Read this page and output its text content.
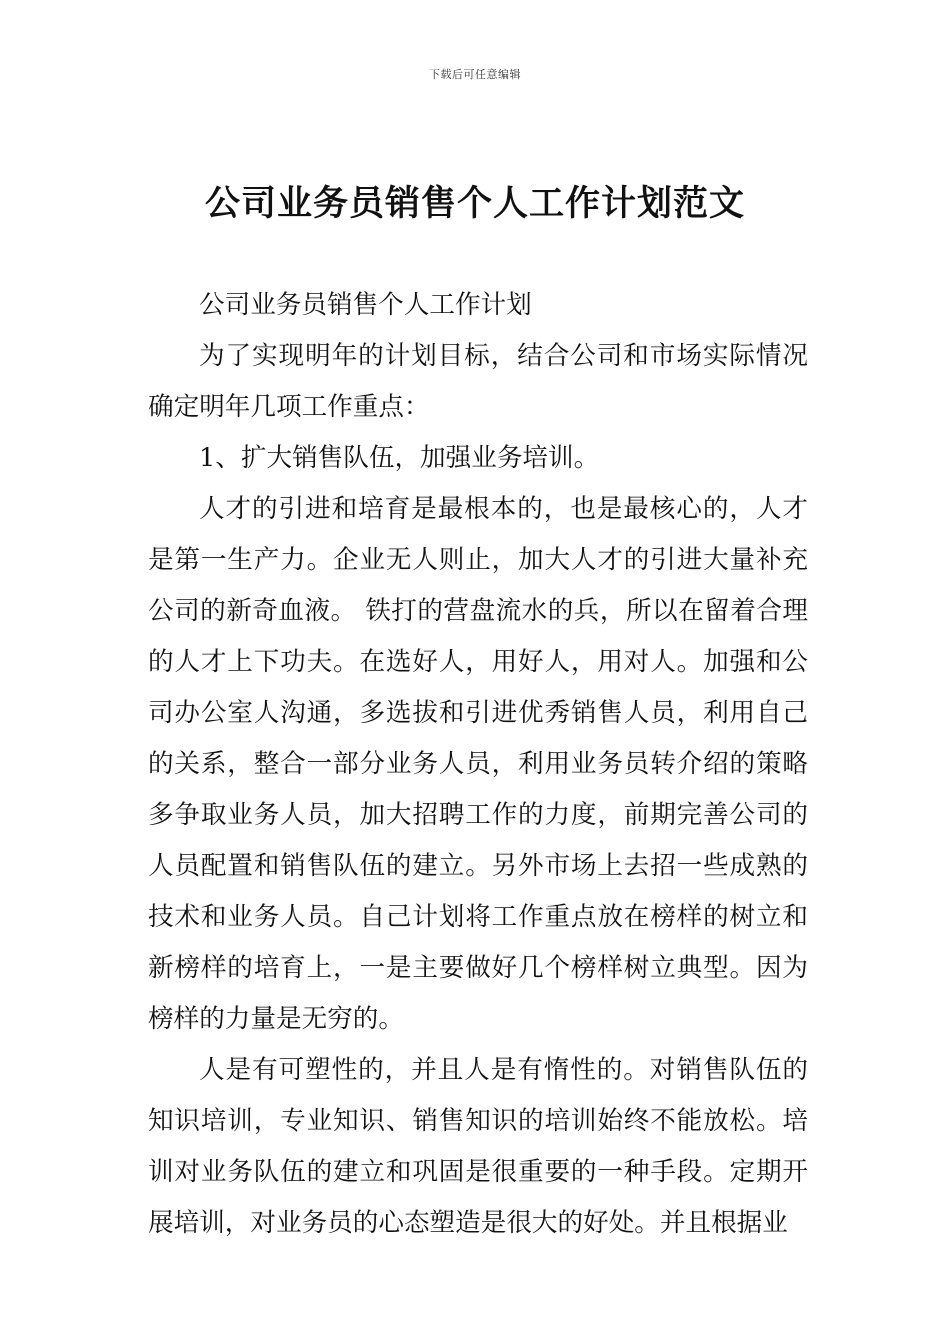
下载后可任意编辑
公司业务员销售个人工作计划范文

公司业务员销售个人工作计划

为了实现明年的计划目标，结合公司和市场实际情况确定明年几项工作重点：

1、扩大销售队伍，加强业务培训。

人才的引进和培育是最根本的，也是最核心的，人才是第一生产力。企业无人则止，加大人才的引进大量补充公司的新奇血液。 铁打的营盘流水的兵，所以在留着合理的人才上下功夫。在选好人，用好人，用对人。加强和公司办公室人沟通，多选拔和引进优秀销售人员，利用自己的关系，整合一部分业务人员，利用业务员转介绍的策略多争取业务人员，加大招聘工作的力度，前期完善公司的人员配置和销售队伍的建立。另外市场上去招一些成熟的技术和业务人员。自己计划将工作重点放在榜样的树立和新榜样的培育上，一是主要做好几个榜样树立典型。因为榜样的力量是无穷的。

人是有可塑性的，并且人是有惰性的。对销售队伍的知识培训，专业知识、销售知识的培训始终不能放松。培训对业务队伍的建立和巩固是很重要的一种手段。定期开展培训，对业务员的心态塑造是很大的好处。并且根据业
